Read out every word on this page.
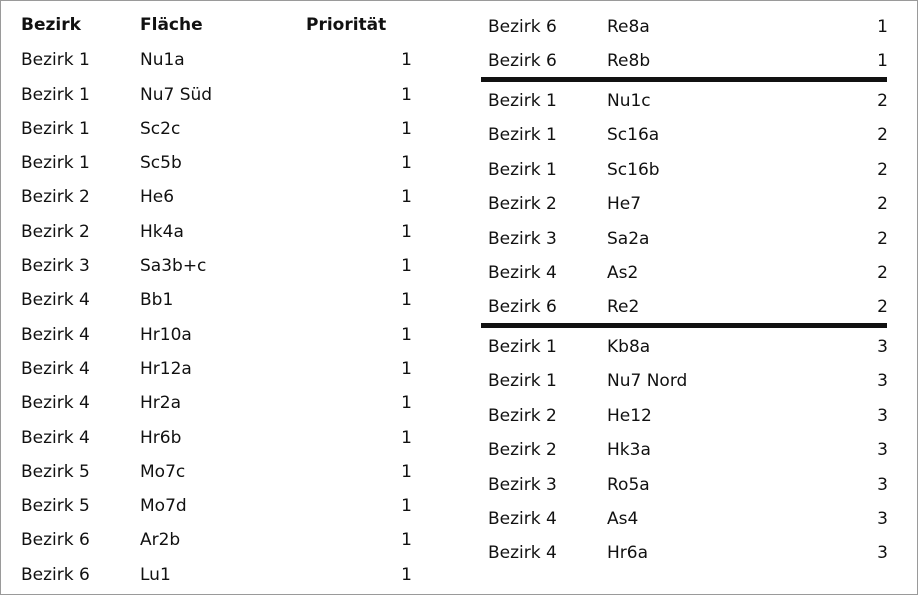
Bezirk	Fläche	Priorität
Bezirk 1	Nu1a	1
Bezirk 1	Nu7 Süd	1
Bezirk 1	Sc2c	1
Bezirk 1	Sc5b	1
Bezirk 2	He6	1
Bezirk 2	Hk4a	1
Bezirk 3	Sa3b+c	1
Bezirk 4	Bb1	1
Bezirk 4	Hr10a	1
Bezirk 4	Hr12a	1
Bezirk 4	Hr2a	1
Bezirk 4	Hr6b	1
Bezirk 5	Mo7c	1
Bezirk 5	Mo7d	1
Bezirk 6	Ar2b	1
Bezirk 6	Lu1	1
Bezirk 6	Re8a	1
Bezirk 6	Re8b	1
Bezirk 1	Nu1c	2
Bezirk 1	Sc16a	2
Bezirk 1	Sc16b	2
Bezirk 2	He7	2
Bezirk 3	Sa2a	2
Bezirk 4	As2	2
Bezirk 6	Re2	2
Bezirk 1	Kb8a	3
Bezirk 1	Nu7 Nord	3
Bezirk 2	He12	3
Bezirk 2	Hk3a	3
Bezirk 3	Ro5a	3
Bezirk 4	As4	3
Bezirk 4	Hr6a	3
